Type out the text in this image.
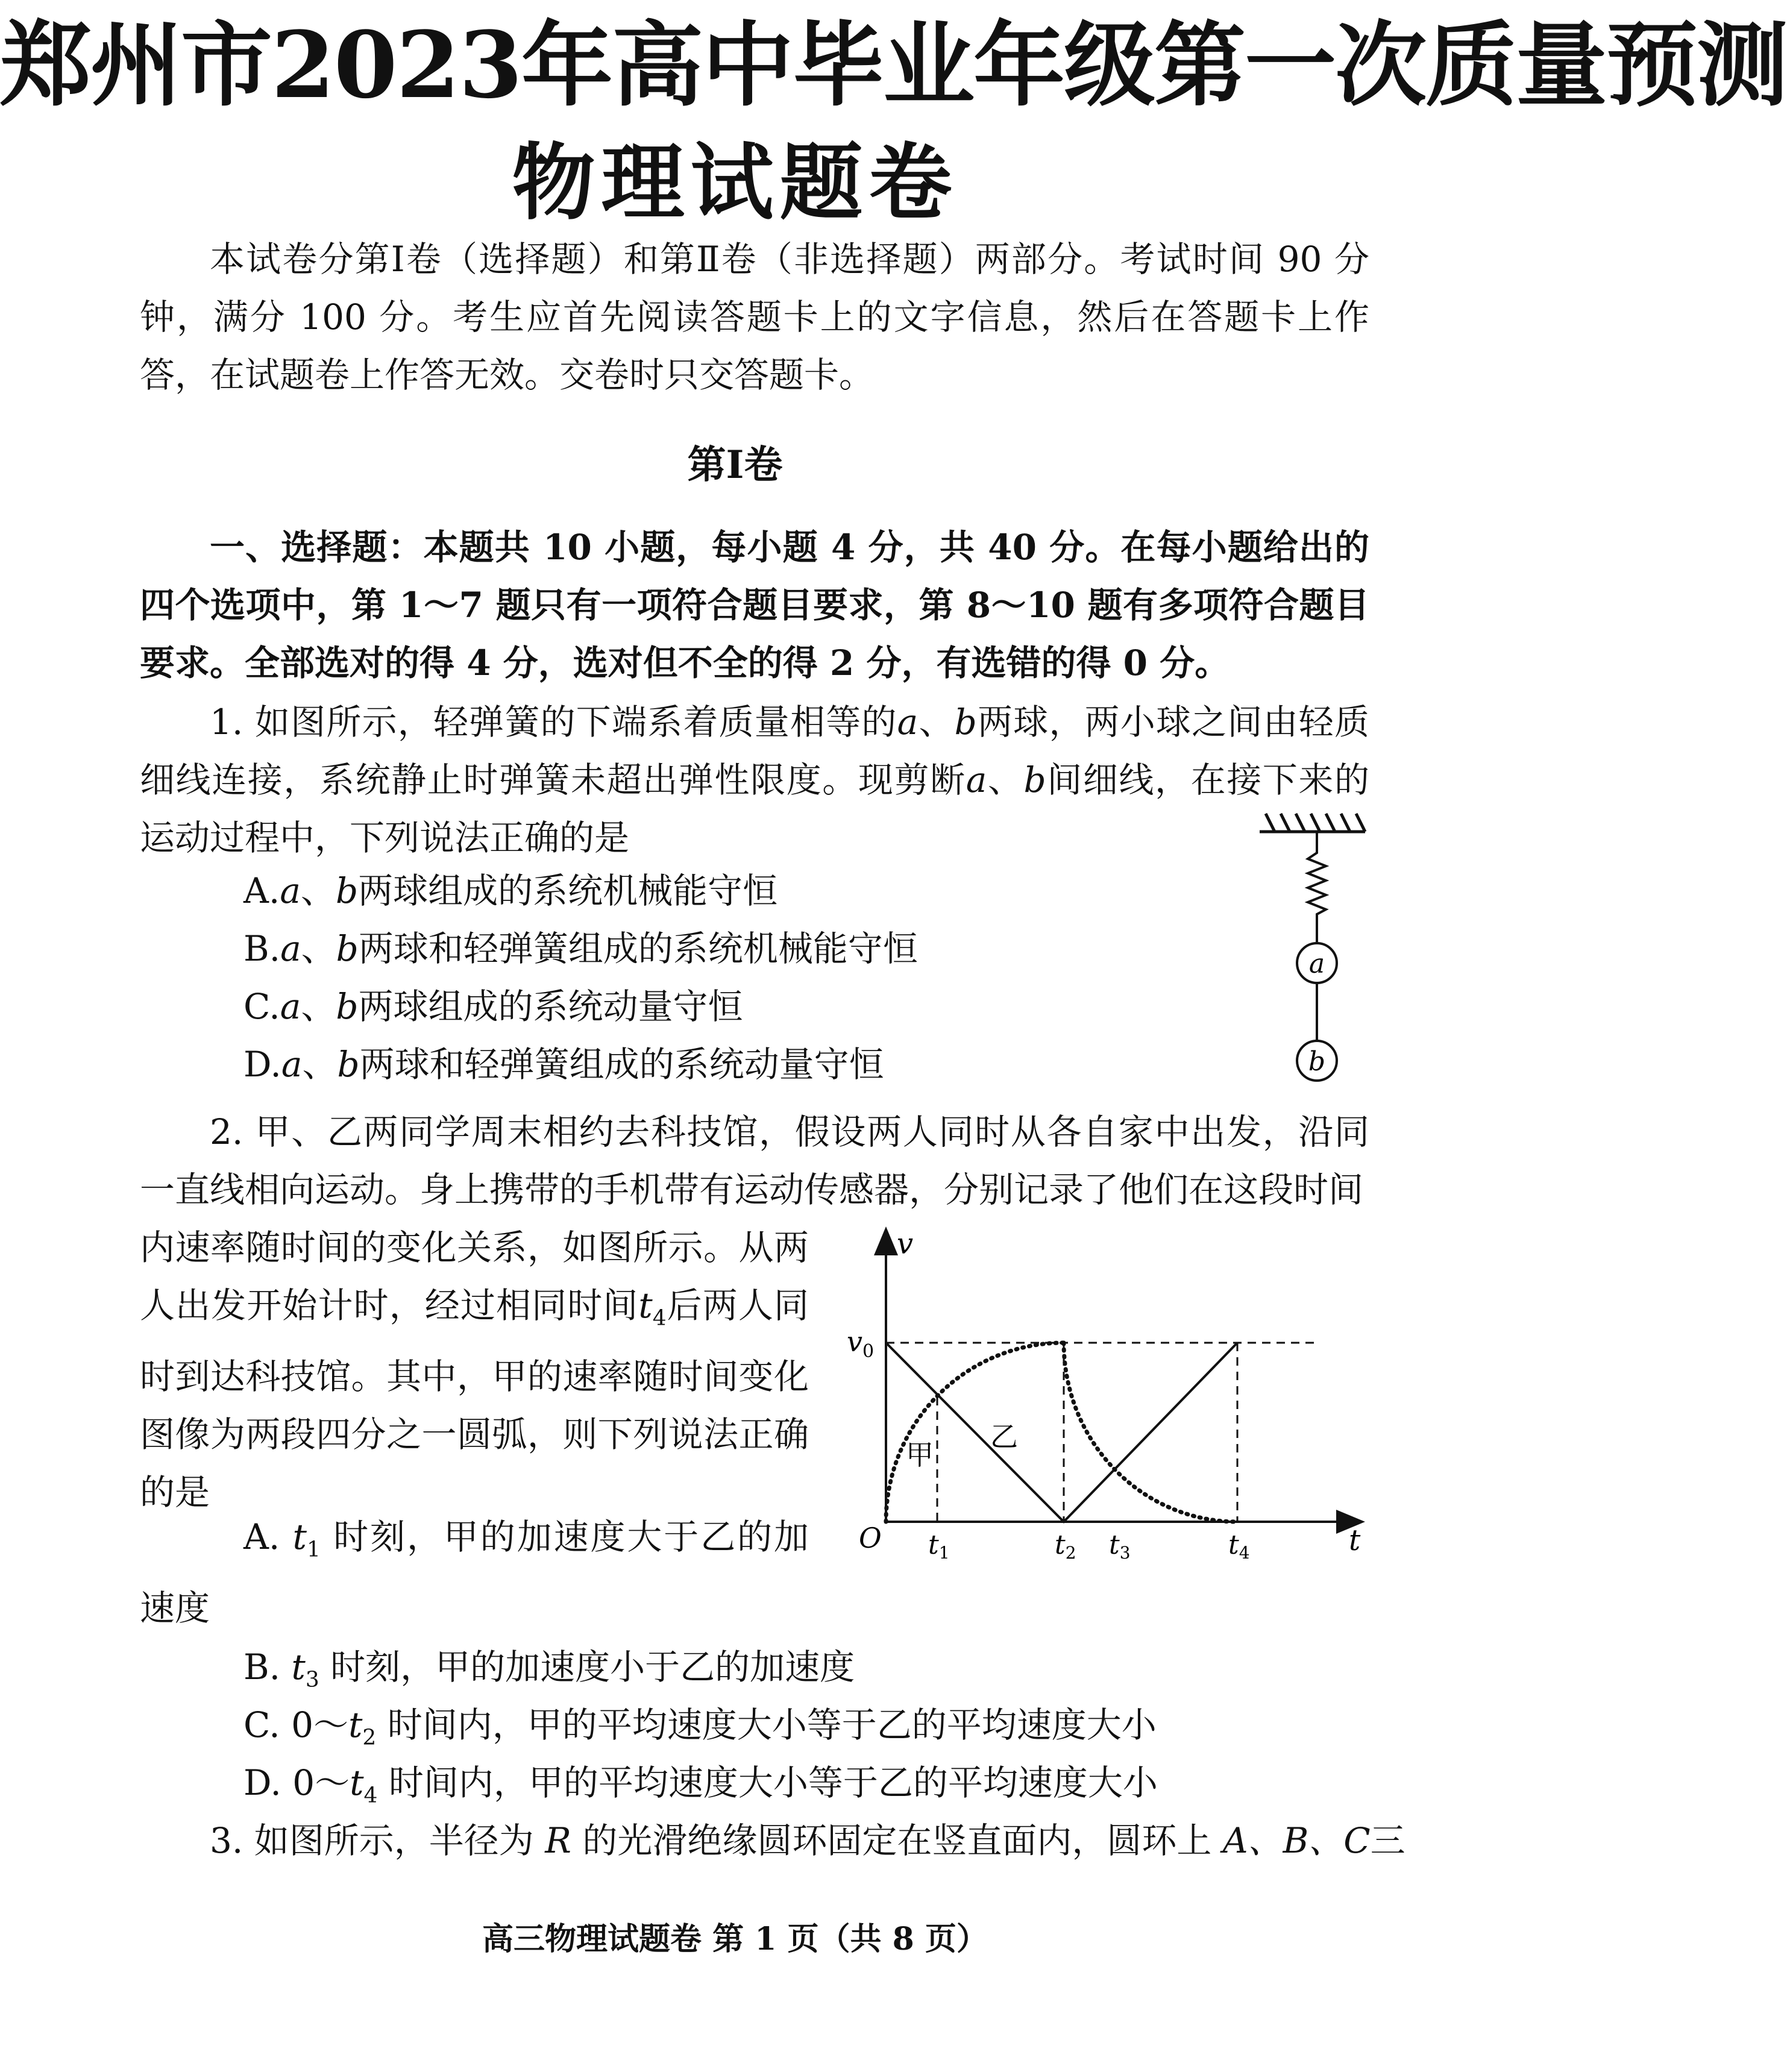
郑州市2023年高中毕业年级第一次质量预测
物理试题卷
本试卷分第Ⅰ卷（选择题）和第Ⅱ卷（非选择题）两部分。考试时间 90 分钟，满分 100 分。考生应首先阅读答题卡上的文字信息，然后在答题卡上作答，在试题卷上作答无效。交卷时只交答题卡。
第Ⅰ卷
一、选择题：本题共 10 小题，每小题 4 分，共 40 分。在每小题给出的四个选项中，第 1～7 题只有一项符合题目要求，第 8～10 题有多项符合题目要求。全部选对的得 4 分，选对但不全的得 2 分，有选错的得 0 分。
1. 如图所示，轻弹簧的下端系着质量相等的a、b两球，两小球之间由轻质细线连接，系统静止时弹簧未超出弹性限度。现剪断a、b间细线，在接下来的运动过程中，下列说法正确的是
A.a、b两球组成的系统机械能守恒
B.a、b两球和轻弹簧组成的系统机械能守恒
C.a、b两球组成的系统动量守恒
D.a、b两球和轻弹簧组成的系统动量守恒
a
b
2. 甲、乙两同学周末相约去科技馆，假设两人同时从各自家中出发，沿同一直线相向运动。身上携带的手机带有运动传感器，分别记录了他们在这段时间
内速率随时间的变化关系，如图所示。从两人出发开始计时，经过相同时间$t_4$后两人同时到达科技馆。其中，甲的速率随时间变化图像为两段四分之一圆弧，则下列说法正确的是
A. $t_1$ 时刻，甲的加速度大于乙的加速度
B. $t_3$ 时刻，甲的加速度小于乙的加速度
C. $0\sim t_2$ 时间内，甲的平均速度大小等于乙的平均速度大小
D. $0\sim t_4$ 时间内，甲的平均速度大小等于乙的平均速度大小
v
t
$v_0$
O
甲
乙
t1	t2 t3	t4
3. 如图所示，半径为 R 的光滑绝缘圆环固定在竖直面内，圆环上 A、B、C三
高三物理试题卷 第 1 页（共 8 页）
